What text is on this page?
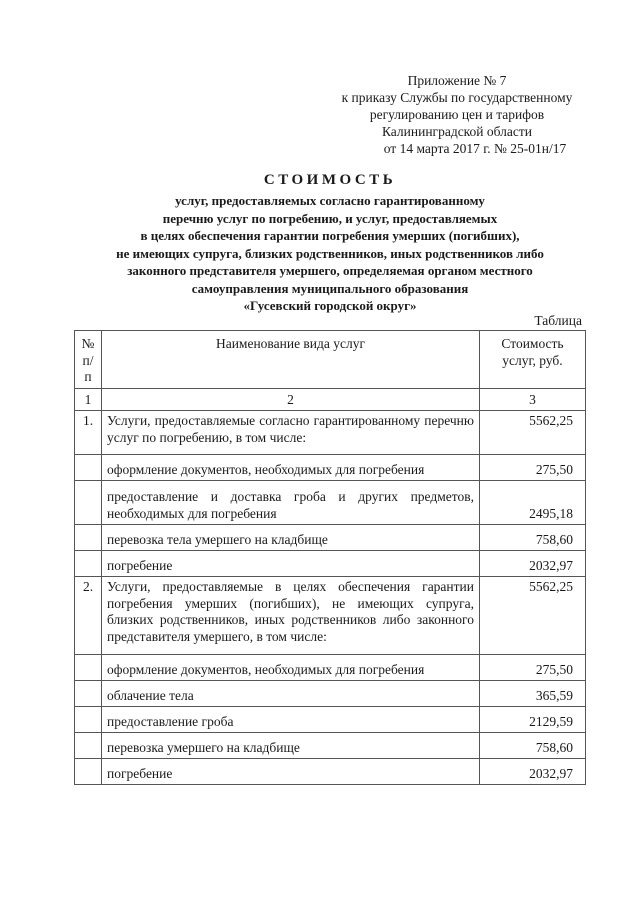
Приложение № 7
к приказу Службы по государственному
регулированию цен и тарифов
Калининградской области
от 14 марта 2017 г. № 25-01н/17
СТОИМОСТЬ
услуг, предоставляемых согласно гарантированному
перечню услуг по погребению, и услуг, предоставляемых
в целях обеспечения гарантии погребения умерших (погибших),
не имеющих супруга, близких родственников, иных родственников либо
законного представителя умершего, определяемая органом местного
самоуправления муниципального образования
«Гусевский городской округ»
Таблица
№ п/п	Наименование вида услуг	Стоимость услуг, руб.
1	2	3
1.	Услуги, предоставляемые согласно гарантированному перечню услуг по погребению, в том числе:	5562,25
	оформление документов, необходимых для погребения	275,50
	предоставление и доставка гроба и других предметов, необходимых для погребения	2495,18
	перевозка тела умершего на кладбище	758,60
	погребение	2032,97
2.	Услуги, предоставляемые в целях обеспечения гарантии погребения умерших (погибших), не имеющих супруга, близких родственников, иных родственников либо законного представителя умершего, в том числе:	5562,25
	оформление документов, необходимых для погребения	275,50
	облачение тела	365,59
	предоставление гроба	2129,59
	перевозка умершего на кладбище	758,60
	погребение	2032,97
